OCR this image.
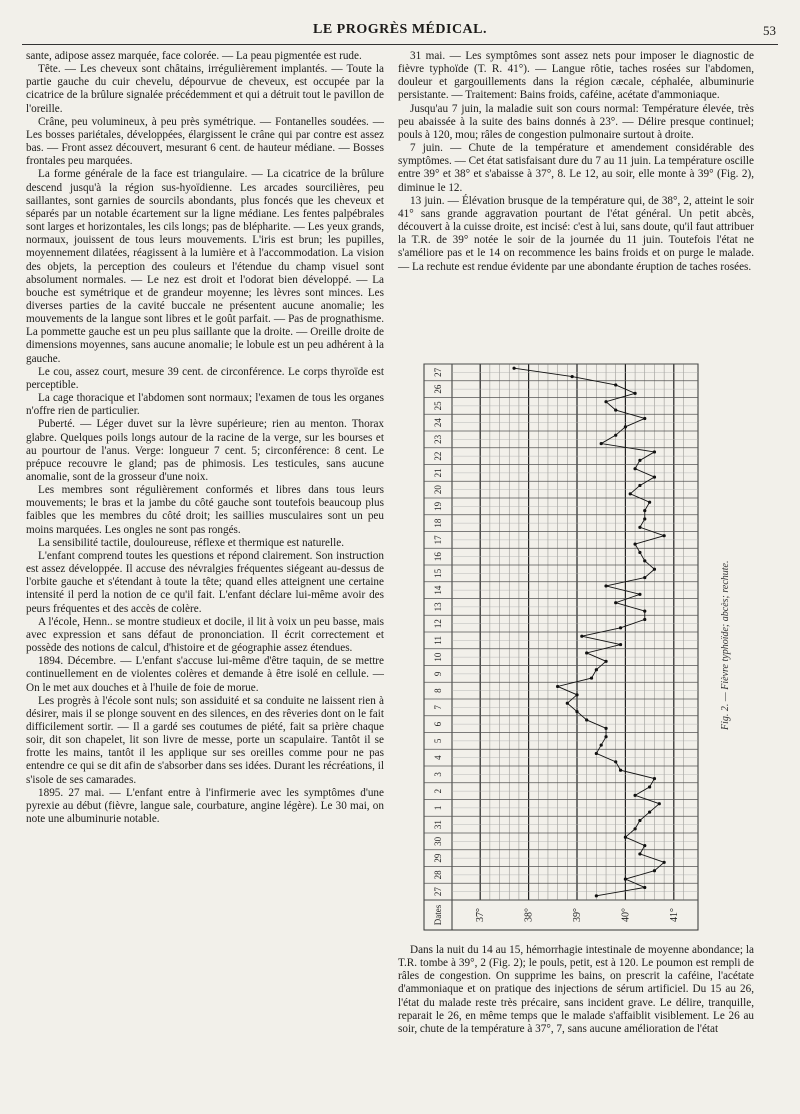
LE PROGRÈS MÉDICAL.	53

sante, adipose assez marquée, face colorée. — La peau pigmentée est rude.

Tête. — Les cheveux sont châtains, irrégulièrement implantés. — Toute la partie gauche du cuir chevelu, dépourvue de cheveux, est occupée par la cicatrice de la brûlure signalée précédemment et qui a détruit tout le pavillon de l'oreille.

Crâne, peu volumineux, à peu près symétrique. — Fontanelles soudées. — Les bosses pariétales, développées, élargissent le crâne qui par contre est assez bas. — Front assez découvert, mesurant 6 cent. de hauteur médiane. — Bosses frontales peu marquées.

La forme générale de la face est triangulaire. — La cicatrice de la brûlure descend jusqu'à la région sus-hyoïdienne. Les arcades sourcilières, peu saillantes, sont garnies de sourcils abondants, plus foncés que les cheveux et séparés par un notable écartement sur la ligne médiane. Les fentes palpébrales sont larges et horizontales, les cils longs; pas de blépharite. — Les yeux grands, normaux, jouissent de tous leurs mouvements. L'iris est brun; les pupilles, moyennement dilatées, réagissent à la lumière et à l'accommodation. La vision des objets, la perception des couleurs et l'étendue du champ visuel sont absolument normales. — Le nez est droit et l'odorat bien développé. — La bouche est symétrique et de grandeur moyenne; les lèvres sont minces. Les diverses parties de la cavité buccale ne présentent aucune anomalie; les mouvements de la langue sont libres et le goût parfait. — Pas de prognathisme. La pommette gauche est un peu plus saillante que la droite. — Oreille droite de dimensions moyennes, sans aucune anomalie; le lobule est un peu adhérent à la gauche.

Le cou, assez court, mesure 39 cent. de circonférence. Le corps thyroïde est perceptible.

La cage thoracique et l'abdomen sont normaux; l'examen de tous les organes n'offre rien de particulier.

Puberté. — Léger duvet sur la lèvre supérieure; rien au menton. Thorax glabre. Quelques poils longs autour de la racine de la verge, sur les bourses et au pourtour de l'anus. Verge: longueur 7 cent. 5; circonférence: 8 cent. Le prépuce recouvre le gland; pas de phimosis. Les testicules, sans aucune anomalie, sont de la grosseur d'une noix.

Les membres sont régulièrement conformés et libres dans tous leurs mouvements; le bras et la jambe du côté gauche sont toutefois beaucoup plus faibles que les membres du côté droit; les saillies musculaires sont un peu moins marquées. Les ongles ne sont pas rongés.

La sensibilité tactile, douloureuse, réflexe et thermique est naturelle.

L'enfant comprend toutes les questions et répond clairement. Son instruction est assez développée. Il accuse des névralgies fréquentes siégeant au-dessus de l'orbite gauche et s'étendant à toute la tête; quand elles atteignent une certaine intensité il perd la notion de ce qu'il fait. L'enfant déclare lui-même avoir des peurs fréquentes et des accès de colère.

A l'école, Henn.. se montre studieux et docile, il lit à voix un peu basse, mais avec expression et sans défaut de prononciation. Il écrit correctement et possède des notions de calcul, d'histoire et de géographie assez étendues.

1894. Décembre. — L'enfant s'accuse lui-même d'être taquin, de se mettre continuellement en de violentes colères et demande à être isolé en cellule. — On le met aux douches et à l'huile de foie de morue.

Les progrès à l'école sont nuls; son assiduité et sa conduite ne laissent rien à désirer, mais il se plonge souvent en des silences, en des rêveries dont on le fait difficilement sortir. — Il a gardé ses coutumes de piété, fait sa prière chaque soir, dit son chapelet, lit son livre de messe, porte un scapulaire. Tantôt il se frotte les mains, tantôt il les applique sur ses oreilles comme pour ne pas entendre ce qui se dit afin de s'absorber dans ses idées. Durant les récréations, il s'isole de ses camarades.

1895. 27 mai. — L'enfant entre à l'infirmerie avec les symptômes d'une pyrexie au début (fièvre, langue sale, courbature, angine légère). Le 30 mai, on note une albuminurie notable.

31 mai. — Les symptômes sont assez nets pour imposer le diagnostic de fièvre typhoïde (T. R. 41°). — Langue rôtie, taches rosées sur l'abdomen, douleur et gargouillements dans la région cæcale, céphalée, albuminurie persistante. — Traitement: Bains froids, caféine, acétate d'ammoniaque.

Jusqu'au 7 juin, la maladie suit son cours normal: Température élevée, très peu abaissée à la suite des bains donnés à 23°. — Délire presque continuel; pouls à 120, mou; râles de congestion pulmonaire surtout à droite.

7 juin. — Chute de la température et amendement considérable des symptômes. — Cet état satisfaisant dure du 7 au 11 juin. La température oscille entre 39° et 38° et s'abaisse à 37°, 8. Le 12, au soir, elle monte à 39° (Fig. 2), diminue le 12.

13 juin. — Élévation brusque de la température qui, de 38°, 2, atteint le soir 41° sans grande aggravation pourtant de l'état général. Un petit abcès, découvert à la cuisse droite, est incisé: c'est à lui, sans doute, qu'il faut attribuer la T.R. de 39° notée le soir de la journée du 11 juin. Toutefois l'état ne s'améliore pas et le 14 on recommence les bains froids et on purge le malade. — La rechute est rendue évidente par une abondante éruption de taches rosées.

27
28
29
30
31
1
2
3
4
5
6
7
8
9
10
11
12
13
14
15
16
17
18
19
20
21
22
23
24
25
26
27
37°	38°	39°	40°	41°
Dates
Fig. 2. — Fièvre typhoïde; abcès; rechute.

Dans la nuit du 14 au 15, hémorrhagie intestinale de moyenne abondance; la T.R. tombe à 39°, 2 (Fig. 2); le pouls, petit, est à 120. Le poumon est rempli de râles de congestion. On supprime les bains, on prescrit la caféine, l'acétate d'ammoniaque et on pratique des injections de sérum artificiel. Du 15 au 26, l'état du malade reste très précaire, sans incident grave. Le délire, tranquille, reparait le 26, en même temps que le malade s'affaiblit visiblement. Le 26 au soir, chute de la température à 37°, 7, sans aucune amélioration de l'état
